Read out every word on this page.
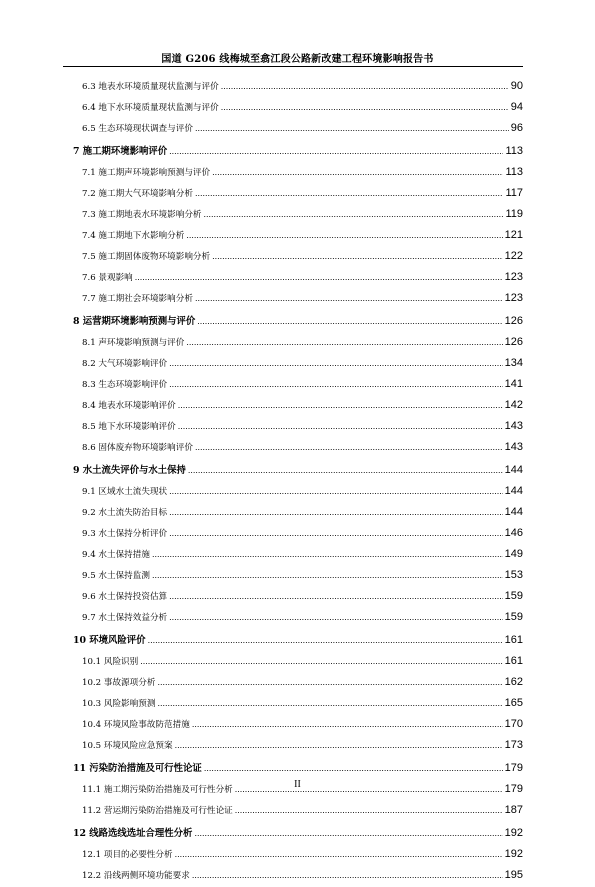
国道 G206 线梅城至翕江段公路新改建工程环境影响报告书
6.3 地表水环境质量现状监测与评价 .....	90
6.4 地下水环境质量现状监测与评价 .....	94
6.5 生态环境现状调查与评价 .....	96
7 施工期环境影响评价 .....	113
7.1 施工期声环境影响预测与评价 .....	113
7.2 施工期大气环境影响分析 .....	117
7.3 施工期地表水环境影响分析 .....	119
7.4 施工期地下水影响分析 .....	121
7.5 施工期固体废物环境影响分析 .....	122
7.6 景观影响 .....	123
7.7 施工期社会环境影响分析 .....	123
8 运营期环境影响预测与评价 .....	126
8.1 声环境影响预测与评价 .....	126
8.2 大气环境影响评价 .....	134
8.3 生态环境影响评价 .....	141
8.4 地表水环境影响评价 .....	142
8.5 地下水环境影响评价 .....	143
8.6 固体废弃物环境影响评价 .....	143
9 水土流失评价与水土保持 .....	144
9.1 区域水土流失现状 .....	144
9.2 水土流失防治目标 .....	144
9.3 水土保持分析评价 .....	146
9.4 水土保持措施 .....	149
9.5 水土保持监测 .....	153
9.6 水土保持投资估算 .....	159
9.7 水土保持效益分析 .....	159
10 环境风险评价 .....	161
10.1 风险识别 .....	161
10.2 事故源项分析 .....	162
10.3 风险影响预测 .....	165
10.4 环境风险事故防范措施 .....	170
10.5 环境风险应急预案 .....	173
11 污染防治措施及可行性论证 .....	179
11.1 施工期污染防治措施及可行性分析 .....	179
11.2 营运期污染防治措施及可行性论证 .....	187
12 线路选线选址合理性分析 .....	192
12.1 项目的必要性分析 .....	192
12.2 沿线两侧环境功能要求 .....	195
II
